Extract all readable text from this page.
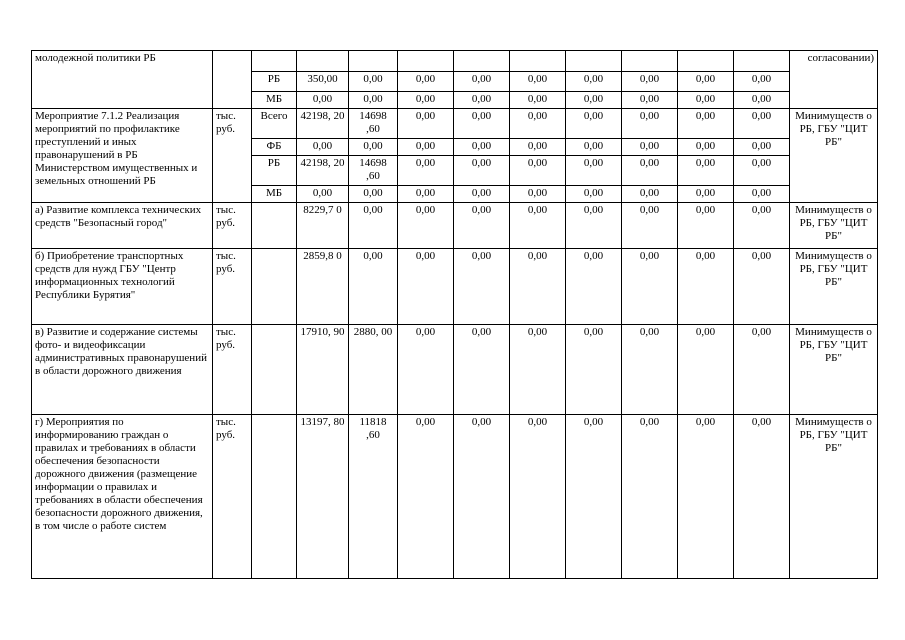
молодежной политики РБ												согласовании)
		РБ	350,00	0,00	0,00	0,00	0,00	0,00	0,00	0,00	0,00	
		МБ	0,00	0,00	0,00	0,00	0,00	0,00	0,00	0,00	0,00	
Мероприятие 7.1.2 Реализация мероприятий по профилактике преступлений и иных правонарушений в РБ Министерством имущественных и земельных отношений РБ	тыс. руб.	Всего	42198, 20	14698 ,60	0,00	0,00	0,00	0,00	0,00	0,00	0,00	Минимуществ о РБ, ГБУ "ЦИТ РБ"
		ФБ	0,00	0,00	0,00	0,00	0,00	0,00	0,00	0,00	0,00	
		РБ	42198, 20	14698 ,60	0,00	0,00	0,00	0,00	0,00	0,00	0,00	
		МБ	0,00	0,00	0,00	0,00	0,00	0,00	0,00	0,00	0,00	
а) Развитие комплекса технических средств "Безопасный город"	тыс. руб.		8229,7 0	0,00	0,00	0,00	0,00	0,00	0,00	0,00	0,00	Минимуществ о РБ, ГБУ "ЦИТ РБ"
б) Приобретение транспортных средств для нужд ГБУ "Центр информационных технологий Республики Бурятия"	тыс. руб.		2859,8 0	0,00	0,00	0,00	0,00	0,00	0,00	0,00	0,00	Минимуществ о РБ, ГБУ "ЦИТ РБ"
в) Развитие и содержание системы фото- и видеофиксации административных правонарушений в области дорожного движения	тыс. руб.		17910, 90	2880, 00	0,00	0,00	0,00	0,00	0,00	0,00	0,00	Минимуществ о РБ, ГБУ "ЦИТ РБ"
г) Мероприятия по информированию граждан о правилах и требованиях в области обеспечения безопасности дорожного движения (размещение информации о правилах и требованиях в области обеспечения безопасности дорожного движения, в том числе о работе систем	тыс. руб.		13197, 80	11818 ,60	0,00	0,00	0,00	0,00	0,00	0,00	0,00	Минимуществ о РБ, ГБУ "ЦИТ РБ"
